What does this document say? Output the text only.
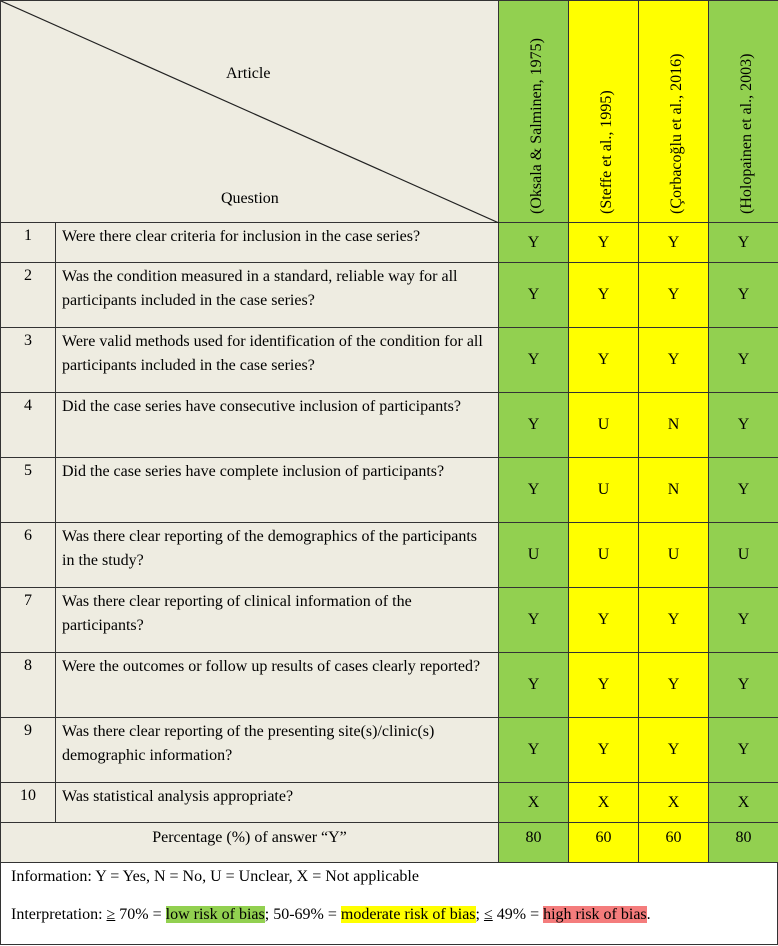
Article
Question		(Oksala & Salminen, 1975)	(Steffe et al., 1995)	(Çorbacoğlu et al., 2016)	(Holopainen et al., 2003)

1	Were there clear criteria for inclusion in the case series?	Y	Y	Y	Y
2	Was the condition measured in a standard, reliable way for all participants included in the case series?	Y	Y	Y	Y
3	Were valid methods used for identification of the condition for all participants included in the case series?	Y	Y	Y	Y
4	Did the case series have consecutive inclusion of participants?	Y	U	N	Y
5	Did the case series have complete inclusion of participants?	Y	U	N	Y
6	Was there clear reporting of the demographics of the participants in the study?	U	U	U	U
7	Was there clear reporting of clinical information of the participants?	Y	Y	Y	Y
8	Were the outcomes or follow up results of cases clearly reported?	Y	Y	Y	Y
9	Was there clear reporting of the presenting site(s)/clinic(s) demographic information?	Y	Y	Y	Y
10	Was statistical analysis appropriate?	X	X	X	X
Percentage (%) of answer “Y”		80	60	60	80
Information: Y = Yes, N = No, U = Unclear, X = Not applicable
Interpretation: ≥ 70% = low risk of bias; 50-69% = moderate risk of bias; ≤ 49% = high risk of bias.
